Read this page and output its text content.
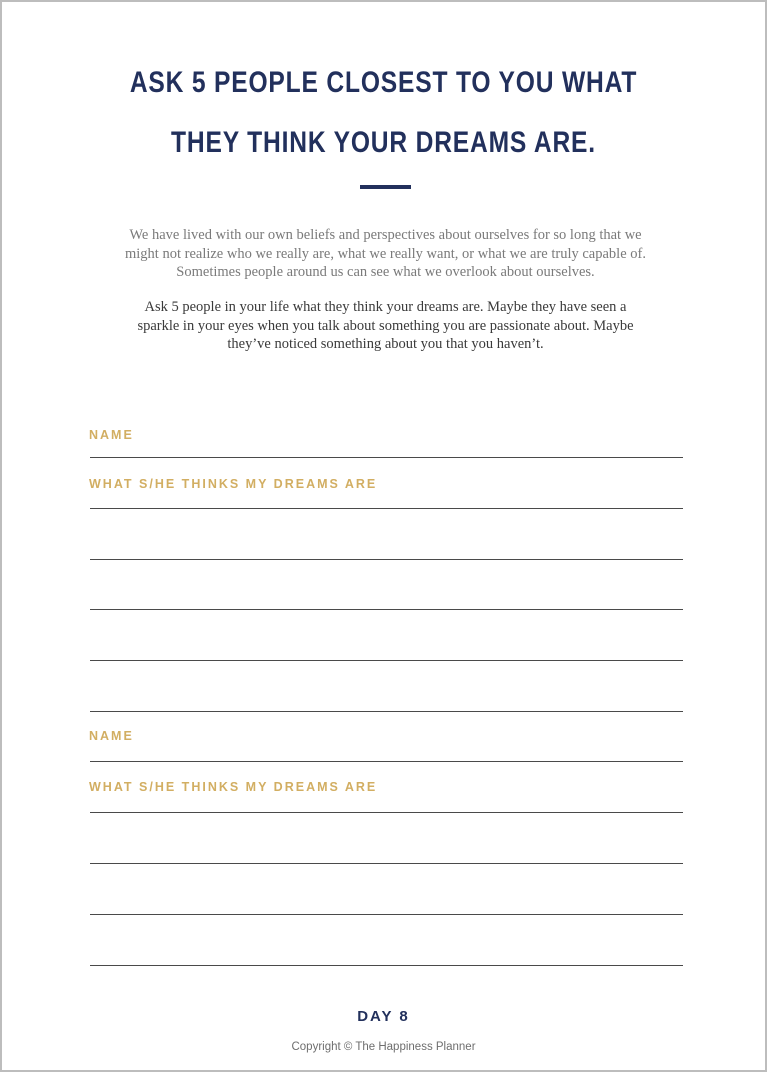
ASK 5 PEOPLE CLOSEST TO YOU WHAT
THEY THINK YOUR DREAMS ARE.

We have lived with our own beliefs and perspectives about ourselves for so long that we might not realize who we really are, what we really want, or what we are truly capable of. Sometimes people around us can see what we overlook about ourselves.

Ask 5 people in your life what they think your dreams are. Maybe they have seen a sparkle in your eyes when you talk about something you are passionate about. Maybe they’ve noticed something about you that you haven’t.

NAME
WHAT S/HE THINKS MY DREAMS ARE
NAME
WHAT S/HE THINKS MY DREAMS ARE
DAY 8
Copyright © The Happiness Planner
